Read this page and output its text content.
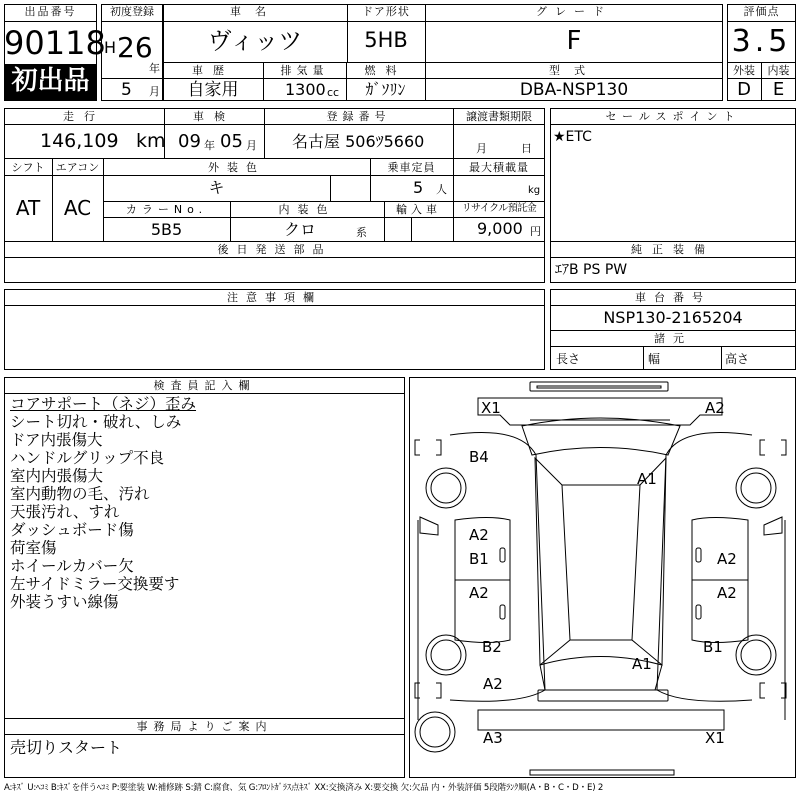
出品番号
90118
初出品
初度登録
H 26
年
5 月
車名
ヴィッツ
ドア形状
5HB
グレード
F
車歴
自家用
排気量
1300 cc
燃料
ｶﾞｿﾘﾝ
型式
DBA-NSP130
評価点
3.5
外装	内装
D	E
走行
146,109 km
車検
09 年 05 月
登録番号
名古屋 506ﾂ5660
譲渡書類期限
月	日
シフト
AT
エアコン
AC
外装色
キ
乗車定員
5 人
最大積載量
kg
カラーNo.
5B5
内装色
クロ	系
輸入車	リサイクル預託金
9,000 円
セールスポイント
★ETC
後日発送部品	純正装備
ｴｱB PS PW
注意事項欄	車台番号
NSP130-2165204
諸元
長さ	幅	高さ
検査員記入欄
コアサポート（ネジ）歪み
シート切れ・破れ、しみ
ドア内張傷大
ハンドルグリップ不良
室内内張傷大
室内動物の毛、汚れ
天張汚れ、すれ
ダッシュボード傷
荷室傷
ホイールカバー欠
左サイドミラー交換要す
外装うすい線傷
事務局よりご案内
売切りスタート
X1	A2
B4
A1
A2
B1	A2
A2	A2
B2
A1
B1
A2
A3	X1
A:ｷｽﾞ U:ﾍｺﾐ B:ｷｽﾞを伴うﾍｺﾐ P:要塗装 W:補修跡 S:錆 C:腐食、気 G:ﾌﾛﾝﾄｶﾞﾗｽ点ｷｽﾞ XX:交換済み X:要交換 欠:欠品 内・外装評価 5段階ﾗﾝｸ順(A・B・C・D・E) 2
